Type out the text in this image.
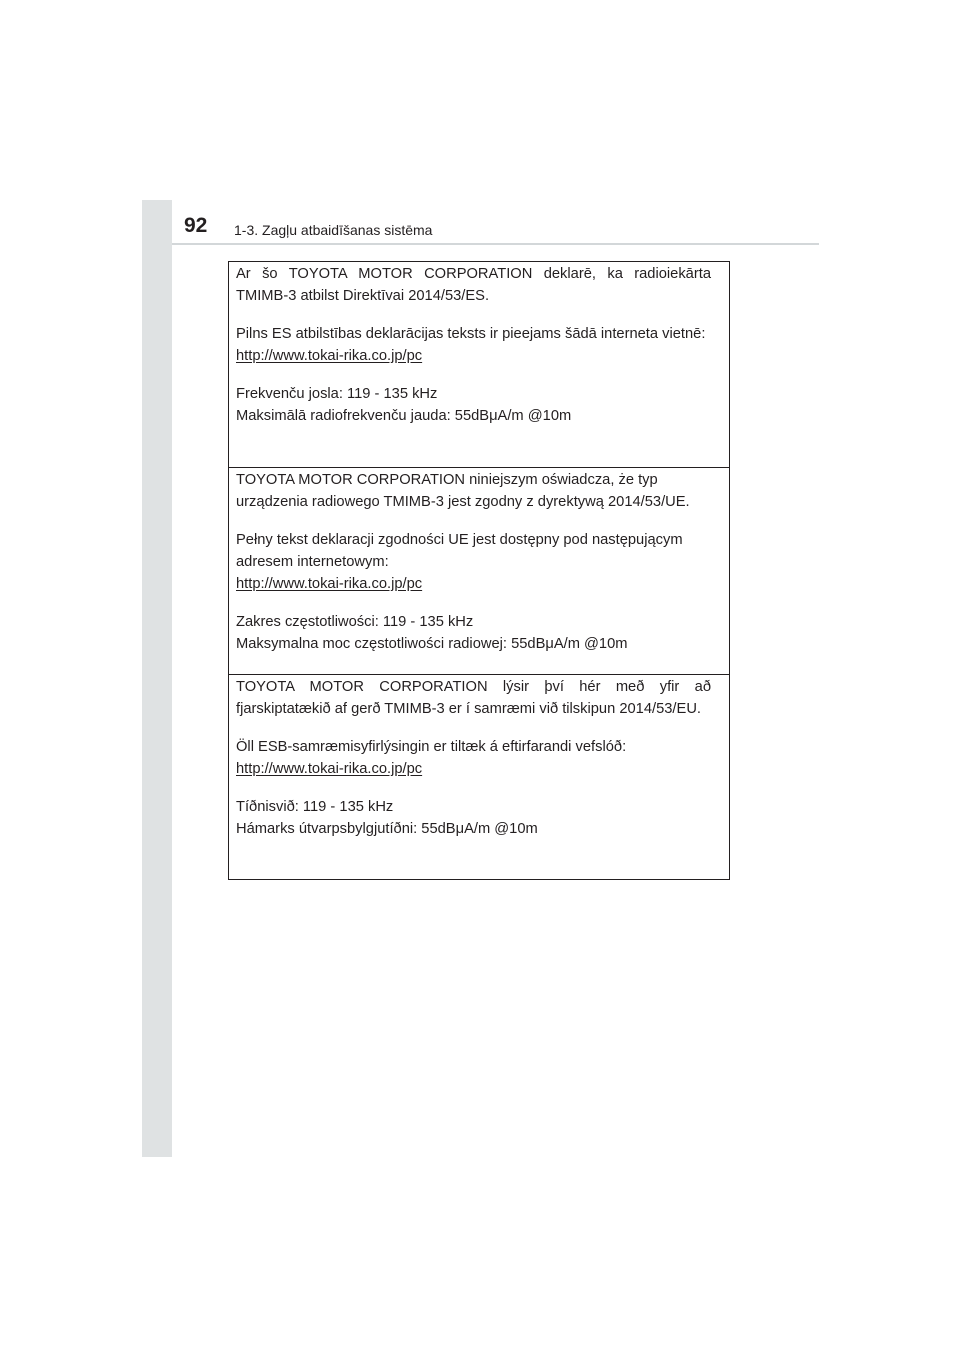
92 1-3. Zagļu atbaidīšanas sistēma

Ar šo TOYOTA MOTOR CORPORATION deklarē, ka radioiekārta TMIMB-3 atbilst Direktīvai 2014/53/ES.

Pilns ES atbilstības deklarācijas teksts ir pieejams šādā interneta vietnē:

http://www.tokai-rika.co.jp/pc
Frekvenču josla: 119 - 135 kHz
Maksimālā radiofrekvenču jauda: 55dBμA/m @10m

TOYOTA MOTOR CORPORATION niniejszym oświadcza, że typ urządzenia radiowego TMIMB-3 jest zgodny z dyrektywą 2014/53/UE.

Pełny tekst deklaracji zgodności UE jest dostępny pod następującym adresem internetowym:

http://www.tokai-rika.co.jp/pc
Zakres częstotliwości: 119 - 135 kHz
Maksymalna moc częstotliwości radiowej: 55dBμA/m @10m

TOYOTA MOTOR CORPORATION lýsir því hér með yfir að fjarskiptatækið af gerð TMIMB-3 er í samræmi við tilskipun 2014/53/EU.

Öll ESB-samræmisyfirlýsingin er tiltæk á eftirfarandi vefslóð:

http://www.tokai-rika.co.jp/pc
Tíðnisvið: 119 - 135 kHz
Hámarks útvarpsbylgjutíðni: 55dBμA/m @10m
